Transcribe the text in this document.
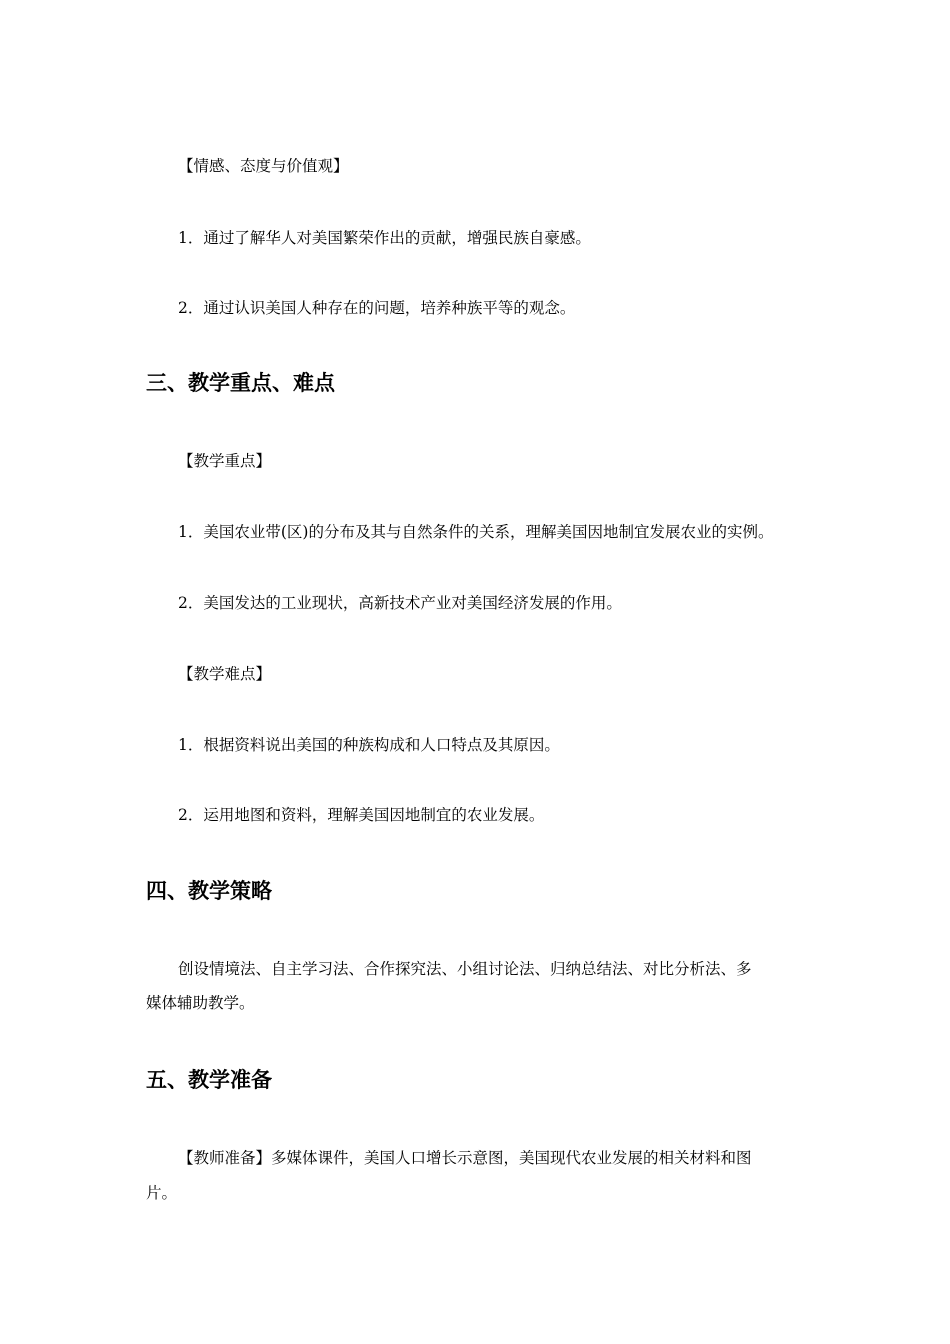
【情感、态度与价值观】
1．通过了解华人对美国繁荣作出的贡献，增强民族自豪感。
2．通过认识美国人种存在的问题，培养种族平等的观念。
三、教学重点、难点
【教学重点】
1．美国农业带(区)的分布及其与自然条件的关系，理解美国因地制宜发展农业的实例。
2．美国发达的工业现状，高新技术产业对美国经济发展的作用。
【教学难点】
1．根据资料说出美国的种族构成和人口特点及其原因。
2．运用地图和资料，理解美国因地制宜的农业发展。
四、教学策略
创设情境法、自主学习法、合作探究法、小组讨论法、归纳总结法、对比分析法、多
媒体辅助教学。
五、教学准备
【教师准备】多媒体课件，美国人口增长示意图，美国现代农业发展的相关材料和图
片。
